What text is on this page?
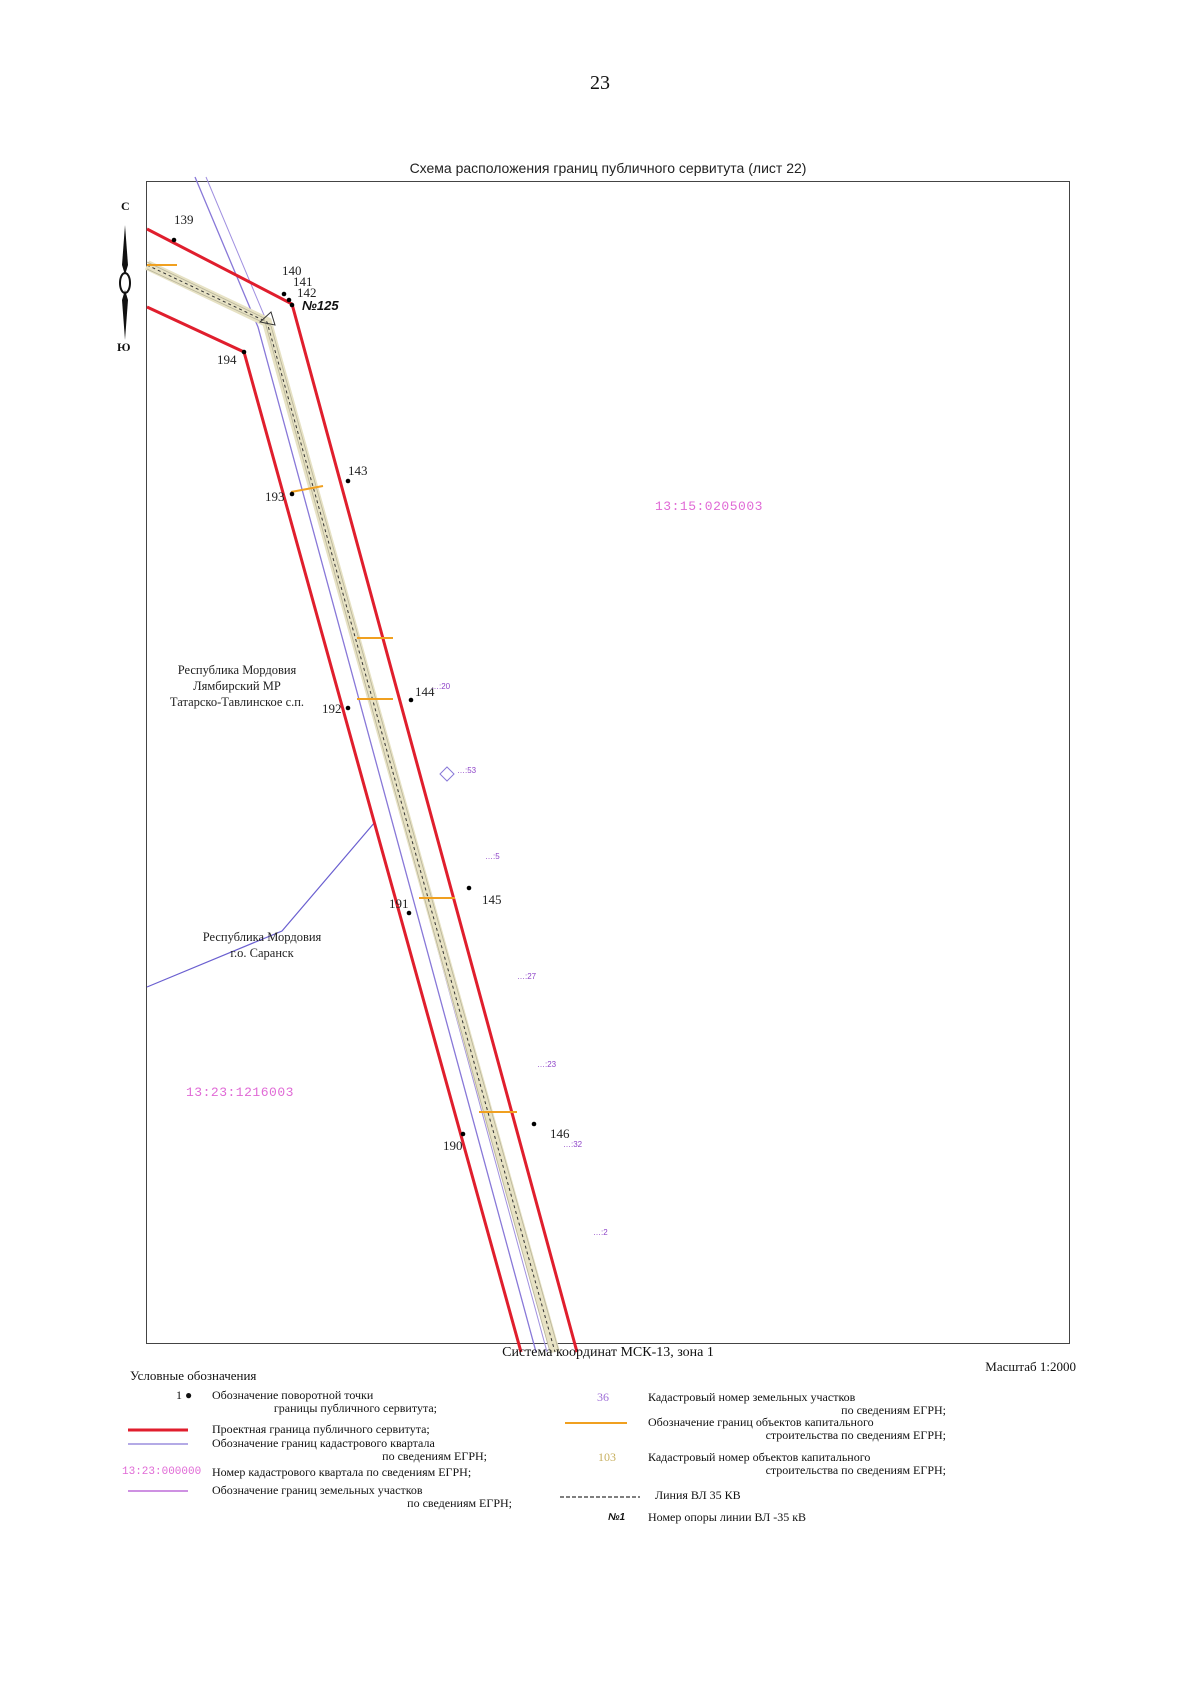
23
Схема расположения границ публичного сервитута (лист 22)
С
139
140
141
142
№125
143
144
145
146
190
191
192
193
194
…:20
…:53
…:5
…:27
…:23
…:32
…:2
13:15:0205003
13:23:1216003
Республика Мордовия
Лямбирский МР
Татарско-Тавлинское с.п.
Республика Мордовия
г.о. Саранск
Ю
Система координат МСК-13, зона 1
Масштаб 1:2000
Условные обозначения
1 ● Обозначение поворотной точки
границы публичного сервитута;
Проектная граница публичного сервитута;
Обозначение границ кадастрового квартала
по сведениям ЕГРН;
13:23:000000 Номер кадастрового квартала по сведениям ЕГРН;
Обозначение границ земельных участков
по сведениям ЕГРН;
36	Кадастровый номер земельных участков
по сведениям ЕГРН;
Обозначение границ объектов капитального
строительства по сведениям ЕГРН;
103	Кадастровый номер объектов капитального
строительства по сведениям ЕГРН;
Линия ВЛ 35 КВ
№1 Номер опоры линии ВЛ -35 кВ
